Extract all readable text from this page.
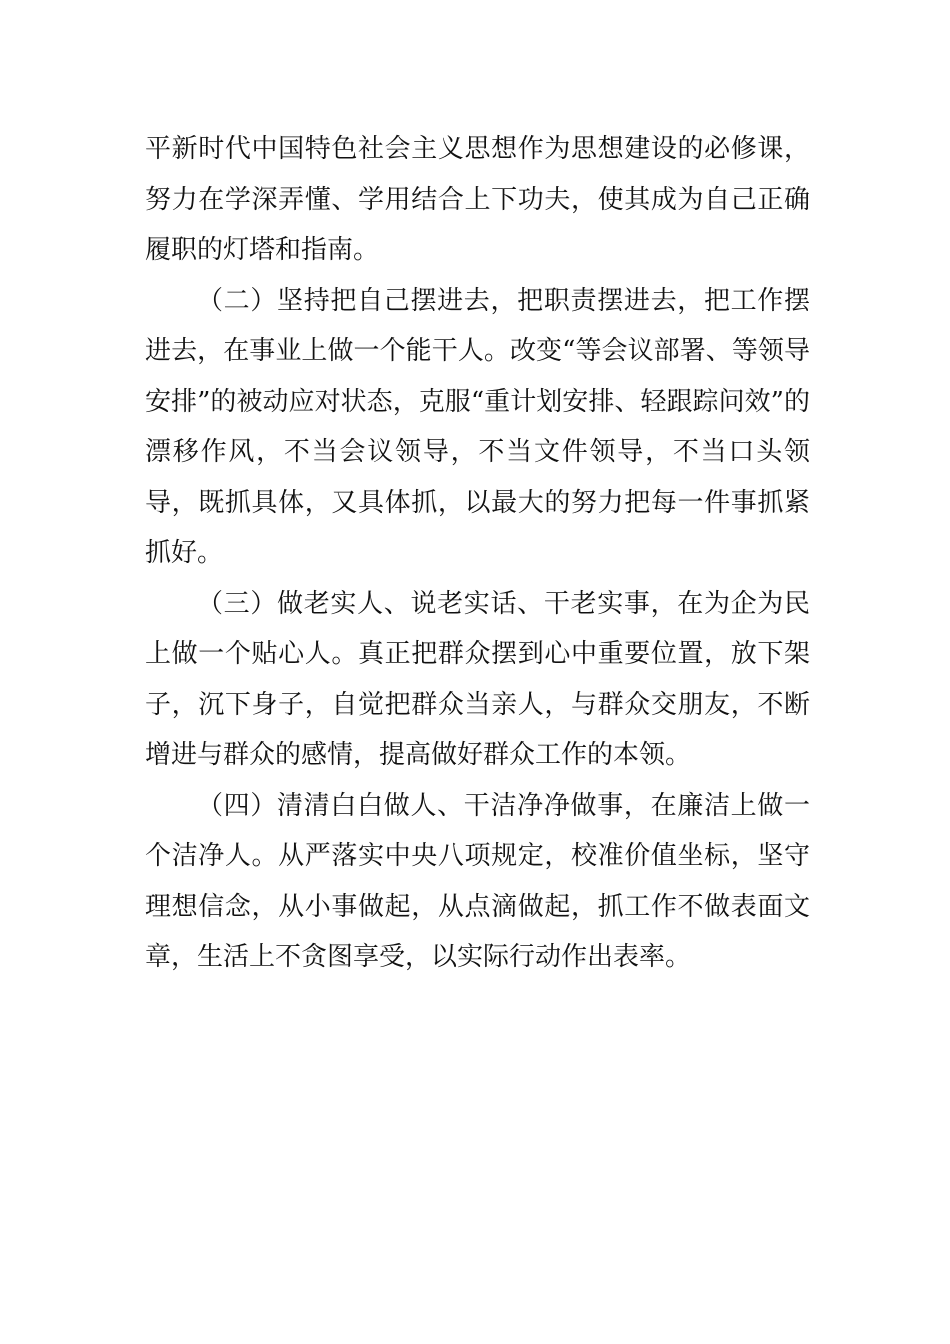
平新时代中国特色社会主义思想作为思想建设的必修课，努力在学深弄懂、学用结合上下功夫，使其成为自己正确履职的灯塔和指南。

（二）坚持把自己摆进去，把职责摆进去，把工作摆进去，在事业上做一个能干人。改变“等会议部署、等领导安排”的被动应对状态，克服“重计划安排、轻跟踪问效”的漂移作风，不当会议领导，不当文件领导，不当口头领导，既抓具体，又具体抓，以最大的努力把每一件事抓紧抓好。

（三）做老实人、说老实话、干老实事，在为企为民上做一个贴心人。真正把群众摆到心中重要位置，放下架子，沉下身子，自觉把群众当亲人，与群众交朋友，不断增进与群众的感情，提高做好群众工作的本领。

（四）清清白白做人、干洁净净做事，在廉洁上做一个洁净人。从严落实中央八项规定，校准价值坐标，坚守理想信念，从小事做起，从点滴做起，抓工作不做表面文章，生活上不贪图享受，以实际行动作出表率。
